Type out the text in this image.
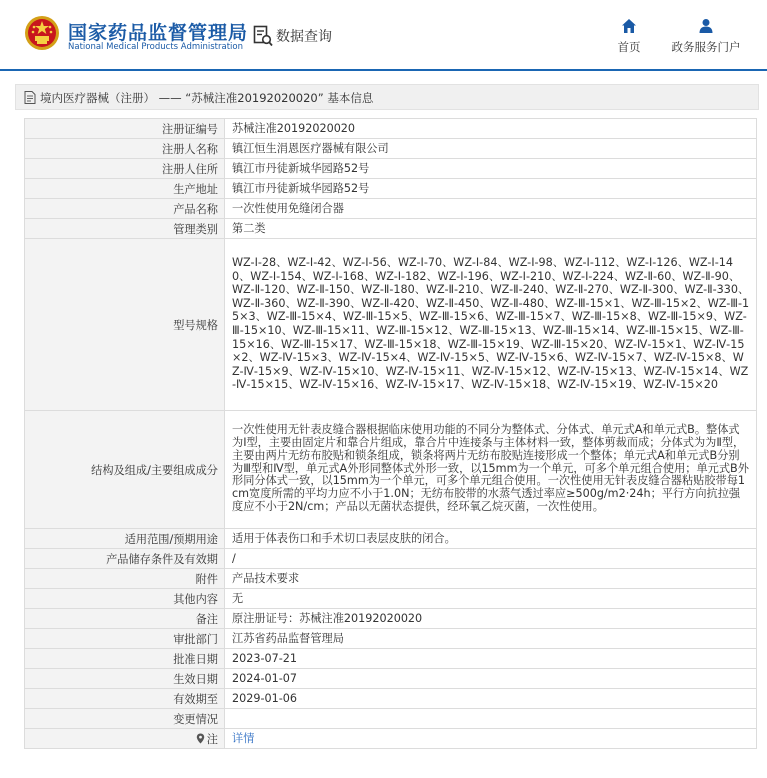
国家药品监督管理局
National Medical Products Administration
数据查询
首页	政务服务门户
境内医疗器械（注册） —— “苏械注准20192020020” 基本信息
注册证编号	苏械注准20192020020
注册人名称	镇江恒生涓恩医疗器械有限公司
注册人住所	镇江市丹徒新城华园路52号
生产地址	镇江市丹徒新城华园路52号
产品名称	一次性使用免缝闭合器
管理类别	第二类
型号规格	WZ-Ⅰ-28、WZ-Ⅰ-42、WZ-Ⅰ-56、WZ-Ⅰ-70、WZ-Ⅰ-84、WZ-Ⅰ-98、WZ-Ⅰ-112、WZ-Ⅰ-126、WZ-Ⅰ-140、WZ-Ⅰ-154、WZ-Ⅰ-168、WZ-Ⅰ-182、WZ-Ⅰ-196、WZ-Ⅰ-210、WZ-Ⅰ-224、WZ-Ⅱ-60、WZ-Ⅱ-90、WZ-Ⅱ-120、WZ-Ⅱ-150、WZ-Ⅱ-180、WZ-Ⅱ-210、WZ-Ⅱ-240、WZ-Ⅱ-270、WZ-Ⅱ-300、WZ-Ⅱ-330、WZ-Ⅱ-360、WZ-Ⅱ-390、WZ-Ⅱ-420、WZ-Ⅱ-450、WZ-Ⅱ-480、WZ-Ⅲ-15×1、WZ-Ⅲ-15×2、WZ-Ⅲ-15×3、WZ-Ⅲ-15×4、WZ-Ⅲ-15×5、WZ-Ⅲ-15×6、WZ-Ⅲ-15×7、WZ-Ⅲ-15×8、WZ-Ⅲ-15×9、WZ-Ⅲ-15×10、WZ-Ⅲ-15×11、WZ-Ⅲ-15×12、WZ-Ⅲ-15×13、WZ-Ⅲ-15×14、WZ-Ⅲ-15×15、WZ-Ⅲ-15×16、WZ-Ⅲ-15×17、WZ-Ⅲ-15×18、WZ-Ⅲ-15×19、WZ-Ⅲ-15×20、WZ-Ⅳ-15×1、WZ-Ⅳ-15×2、WZ-Ⅳ-15×3、WZ-Ⅳ-15×4、WZ-Ⅳ-15×5、WZ-Ⅳ-15×6、WZ-Ⅳ-15×7、WZ-Ⅳ-15×8、WZ-Ⅳ-15×9、WZ-Ⅳ-15×10、WZ-Ⅳ-15×11、WZ-Ⅳ-15×12、WZ-Ⅳ-15×13、WZ-Ⅳ-15×14、WZ-Ⅳ-15×15、WZ-Ⅳ-15×16、WZ-Ⅳ-15×17、WZ-Ⅳ-15×18、WZ-Ⅳ-15×19、WZ-Ⅳ-15×20
结构及组成/主要组成成分	一次性使用无针表皮缝合器根据临床使用功能的不同分为整体式、分体式、单元式A和单元式B。整体式为Ⅰ型，主要由固定片和靠合片组成，靠合片中连接条与主体材料一致，整体剪裁而成；分体式为为Ⅱ型，主要由两片无纺布胶贴和锁条组成，锁条将两片无纺布胶贴连接形成一个整体；单元式A和单元式B分别为Ⅲ型和Ⅳ型，单元式A外形同整体式外形一致，以15mm为一个单元，可多个单元组合使用；单元式B外形同分体式一致，以15mm为一个单元，可多个单元组合使用。一次性使用无针表皮缝合器粘贴胶带每1cm宽度所需的平均力应不小于1.0N；无纺布胶带的水蒸气透过率应≥500g/m2·24h；平行方向抗拉强度应不小于2N/cm；产品以无菌状态提供，经环氧乙烷灭菌，一次性使用。
适用范围/预期用途	适用于体表伤口和手术切口表层皮肤的闭合。
产品储存条件及有效期	/
附件	产品技术要求
其他内容	无
备注	原注册证号：苏械注准20192020020
审批部门	江苏省药品监督管理局
批准日期	2023-07-21
生效日期	2024-01-07
有效期至	2029-01-06
变更情况	
注	详情
